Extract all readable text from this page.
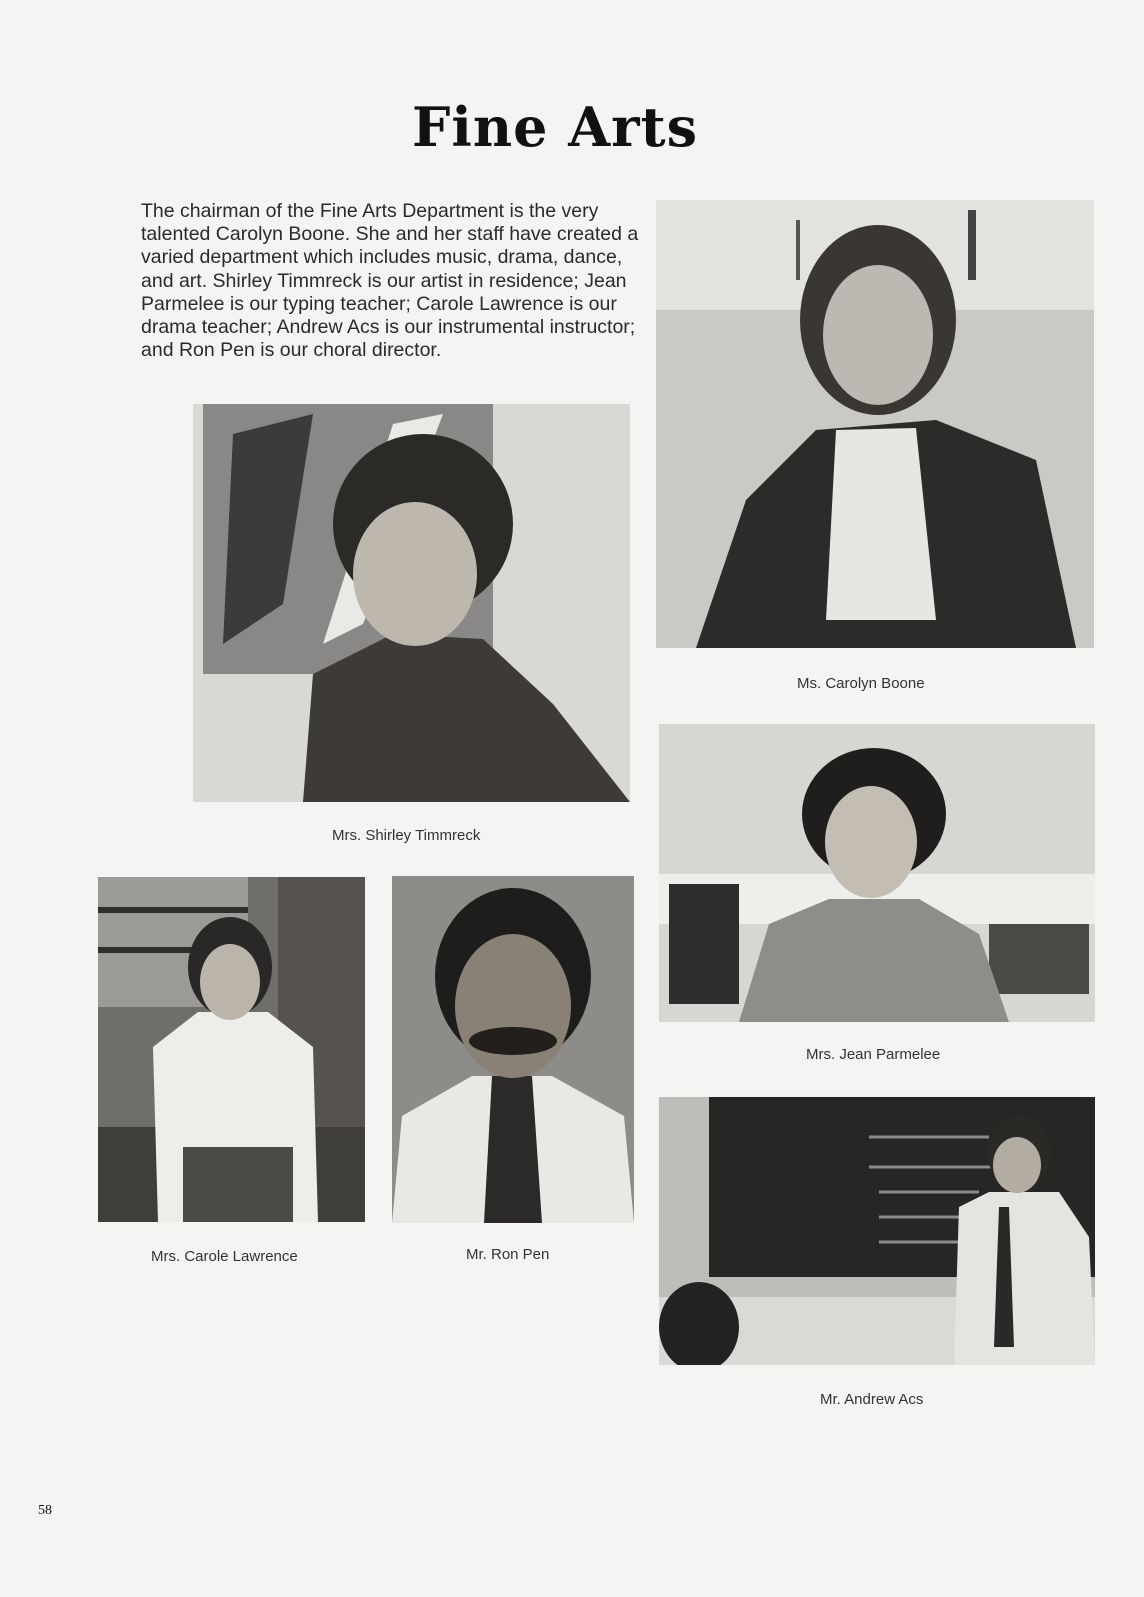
Fine Arts

The chairman of the Fine Arts Department is the very talented Carolyn Boone. She and her staff have created a varied department which includes music, drama, dance, and art. Shirley Timmreck is our artist in residence; Jean Parmelee is our typing teacher; Carole Lawrence is our drama teacher; Andrew Acs is our instrumental instructor; and Ron Pen is our choral director.

Ms. Carolyn Boone
Mrs. Shirley Timmreck
Mrs. Jean Parmelee
Mrs. Carole Lawrence	Mr. Ron Pen
Mr. Andrew Acs
58
